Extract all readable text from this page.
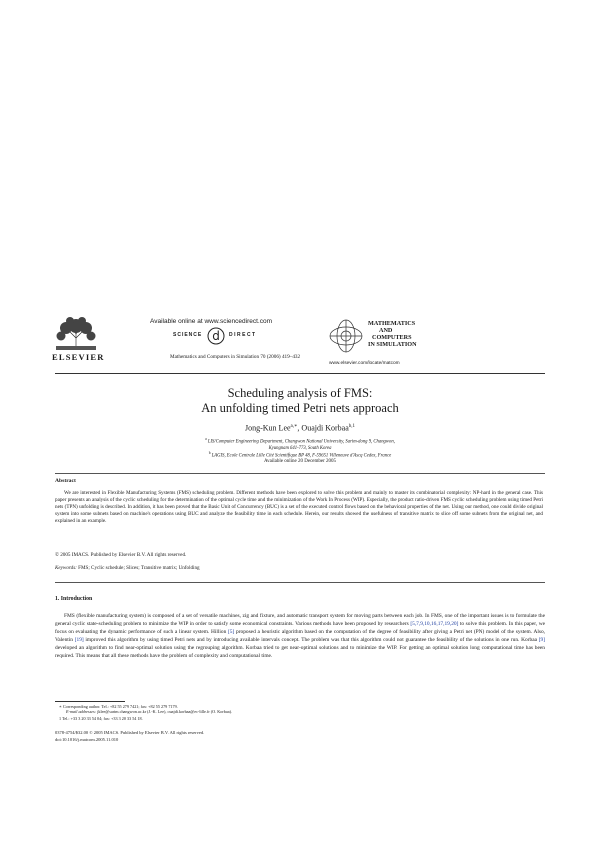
ELSEVIER
Available online at www.sciencedirect.com
SCIENCE d DIRECT
Mathematics and Computers in Simulation 70 (2006) 419–432
MATHEMATICS
AND
COMPUTERS
IN SIMULATION
www.elsevier.com/locate/matcom
Scheduling analysis of FMS:
An unfolding timed Petri nets approach
Jong-Kun Lee$^{a,∗}$, Ouajdi Korbaa$^{b,1}$
$^a$ LIS/Computer Engineering Department, Changwon National University, Sarim-dong 9, Changwon,
Kyungnam 641-773, South Korea
$^b$ LAGIS, Ecole Centrale Lille Cité Scientifique BP 48, F-59651 Villeneuve d'Ascq Cedex, France
Available online 20 December 2005
Abstract
We are interested in Flexible Manufacturing Systems (FMS) scheduling problem. Different methods have been explored to solve this problem and mainly to master its combinatorial complexity: NP-hard in the general case. This paper presents an analysis of the cyclic scheduling for the determination of the optimal cycle time and the minimization of the Work In Process (WIP). Especially, the product ratio-driven FMS cyclic scheduling problem using timed Petri nets (TPN) unfolding is described. In addition, it has been proved that the Basic Unit of Concurrency (BUC) is a set of the executed control flows based on the behavioral properties of the net. Using our method, one could divide original system into some subnets based on machine's operations using BUC and analyze the feasibility time in each schedule. Herein, our results showed the usefulness of transitive matrix to slice off some subnets from the original net, and explained in an example.
© 2005 IMACS. Published by Elsevier B.V. All rights reserved.
Keywords: FMS; Cyclic schedule; Slices; Transitive matrix; Unfolding
1. Introduction
FMS (flexible manufacturing system) is composed of a set of versatile machines, zig and fixture, and automatic transport system for moving parts between each job. In FMS, one of the important issues is to formulate the general cyclic state-scheduling problem to minimize the WIP in order to satisfy some economical constraints. Various methods have been proposed by researchers [5,7,9,10,16,17,19,20] to solve this problem. In this paper, we focus on evaluating the dynamic performance of such a linear system. Hillion [5] proposed a heuristic algorithm based on the computation of the degree of feasibility after giving a Petri net (PN) model of the system. Also, Valentin [19] improved this algorithm by using timed Petri nets and by introducing available intervals concept. The problem was that this algorithm could not guarantee the feasibility of the solutions in one run. Korbaa [9] developed an algorithm to find near-optimal solution using the regrouping algorithm. Korbaa tried to get near-optimal solutions and to minimize the WIP. For getting an optimal solution long computational time has been required. This means that all these methods have the problem of complexity and computational time.
∗ Corresponding author. Tel.: +82 55 279 7421; fax: +82 55 279 7179.
E-mail addresses: jklee@sarim.changwon.ac.kr (J.-K. Lee), ouajdi.korbaa@ec-lille.fr (O. Korbaa).
1 Tel.: +33 3 20 33 54 04; fax: +33 3 20 33 54 18.
0378-4754/$32.00 © 2005 IMACS. Published by Elsevier B.V. All rights reserved.
doi:10.1016/j.matcom.2005.11.010
